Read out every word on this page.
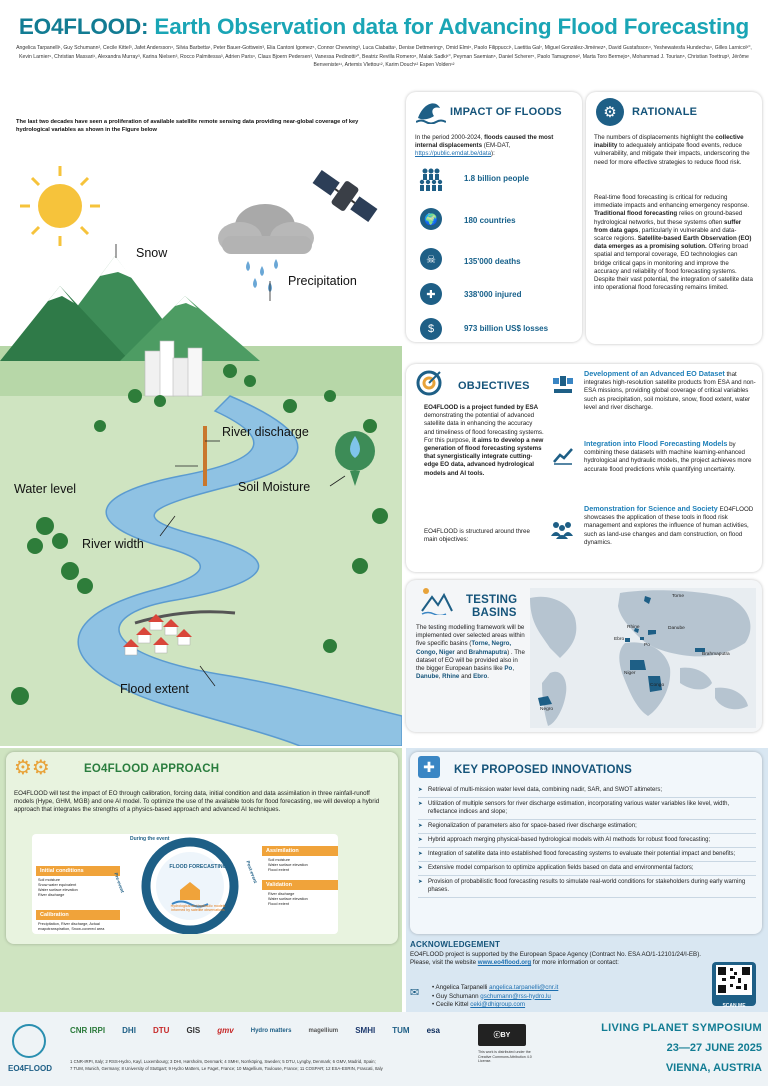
EO4FLOOD: Earth Observation data for Advancing Flood Forecasting
Angelica Tarpanelli¹, Guy Schumann², Cecile Kittel³, Jafet Andersson⁴, Silvia Barbetta¹, Peter Bauer-Gottwein³, Elia Cantoni Igomez⁵, Connor Chewning³, Luca Ciabatta¹, Denise Dettmering⁵, Omid Elmi⁶, Paolo Filippucci¹, Laetitia Gal⁷, Miguel González-Jiménez⁸, David Gustafsson⁴, Yeshewatesfa Hundecha⁴, Gilles Larnicol¹⁰, Kevin Larnier⁹, Christian Massari¹, Alexandra Murray³, Karina Nielsen³, Rocco Palmitessa³, Adrien Paris⁹, Claus Bjoern Pedersen³, Vanessa Pedinotti¹⁰, Beatriz Revilla Romero⁸, Malak Sadki¹⁰, Peyman Saemian⁶, Daniel Scherer⁵, Paolo Tamagnone², Marta Toro Bermejo⁸, Mohammad J. Tourian⁶, Christian Toettrup³, Jérôme Benveniste¹¹, Artemis Vlettou¹², Karim Douch¹² Espen Volden¹²
The last two decades have seen a proliferation of available satellite remote sensing data providing near-global coverage of key hydrological variables as shown in the Figure below
Snow
Precipitation
River discharge
Water level	Soil Moisture
River width
Flood extent
IMPACT OF FLOODS
In the period 2000-2024, floods caused the most internal displacements (EM-DAT, https://public.emdat.be/data):
1.8 billion people
🌍	180 countries
☠	135'000 deaths
✚	338'000 injured
$	973 billion US$ losses
⚙	RATIONALE
The numbers of displacements highlight the collective inability to adequately anticipate flood events, reduce vulnerability, and mitigate their impacts, underscoring the need for more effective strategies to reduce flood risk.
Real-time flood forecasting is critical for reducing immediate impacts and enhancing emergency response. Traditional flood forecasting relies on ground-based hydrological networks, but these systems often suffer from data gaps, particularly in vulnerable and data-scarce regions. Satellite-based Earth Observation (EO) data emerges as a promising solution. Offering broad spatial and temporal coverage, EO technologies can bridge critical gaps in monitoring and improve the accuracy and reliability of flood forecasting systems. Despite their vast potential, the integration of satellite data into operational flood forecasting remains limited.
OBJECTIVES
EO4FLOOD is a project funded by ESA demonstrating the potential of advanced satellite data in enhancing the accuracy and timeliness of flood forecasting systems. For this purpose, it aims to develop a new generation of flood forecasting systems that synergistically integrate cutting-edge EO data, advanced hydrological models and AI tools.
EO4FLOOD is structured around three main objectives:
Development of an Advanced EO Dataset that integrates high-resolution satellite products from ESA and non-ESA missions, providing global coverage of critical variables such as precipitation, soil moisture, snow, flood extent, water level and river discharge.
Integration into Flood Forecasting Models by combining these datasets with machine learning-enhanced hydrological and hydraulic models, the project achieves more accurate flood predictions while quantifying uncertainty.
Demonstration for Science and Society EO4FLOOD showcases the application of these tools in flood risk management and explores the influence of human activities, such as land-use changes and dam construction, on flood dynamics.
TESTING
BASINS
The testing modelling framework will be implemented over selected areas within five specific basins (Torne, Negro, Congo, Niger and Brahmaputra) . The dataset of EO will be provided also in the bigger European basins like Po, Danube, Rhine and Ebro.
Torne
Rhine	Danube
Ebro
Po
Brahmaputra
Niger
Congo
Negro
⚙⚙	EO4FLOOD APPROACH
EO4FLOOD will test the impact of EO through calibration, forcing data, initial condition and data assimilation in three rainfall-runoff models (Hype, GHM, MGB) and one AI model. To optimize the use of the available tools for flood forecasting, we will develop a hybrid approach that integrates the strengths of a physics-based approach and advanced AI techniques.
Initial conditions
Soil moisture
Snow water equivalent
Water surface elevation
River discharge
Calibration
Precipitation, River discharge, Actual evapotranspiration, Snow-covered area
During the event
FLOOD FORECASTING
Hydrological and hydraulic models informed by satellite observations
Pre-event	Post-event
Assimilation
Soil moisture
Water surface elevation
Flood extent
Validation
River discharge
Water surface elevation
Flood extent
✚	KEY PROPOSED INNOVATIONS
➤ Retrieval of multi-mission water level data, combining nadir, SAR, and SWOT altimeters;
➤ Utilization of multiple sensors for river discharge estimation, incorporating various water variables like level, width, reflectance indices and slope;
➤ Regionalization of parameters also for space-based river discharge estimation;
➤ Hybrid approach merging physical-based hydrological models with AI methods for robust flood forecasting;
➤ Integration of satellite data into established flood forecasting systems to evaluate their potential impact and benefits;
➤ Extensive model comparison to optimize application fields based on data and environmental factors;
➤ Provision of probabilistic flood forecasting results to simulate real-world conditions for stakeholders during early warning phases.
ACKNOWLEDGEMENT
EO4FLOOD project is supported by the European Space Agency (Contract No. ESA AO/1-12101/24/I-EB). Please, visit the website www.eo4flood.org for more information or contact:
✉ • Angelica Tarpanelli angelica.tarpanelli@cnr.it
• Guy Schumann gschumann@rss-hydro.lu
• Cecile Kittel ceki@dhigroup.com	SCAN ME
EO4FLOOD
CNR IRPI DHI DTU GIS gmv	Hydro matters	magellium SMHI TUM esa
1 CNR-IRPI, Italy; 2 RSS-Hydro, Kayl, Luxembourg; 3 DHI, Hørsholm, Denmark; 4 SMHI, Norrköping, Sweden; 5 DTU, Lyngby, Denmark; 6 GMV, Madrid, Spain;
7 TUM, Munich, Germany; 8 University of Stuttgart; 9 Hydro Matters, Le Faget, France; 10 Magellium, Toulouse, France; 11 COSPAR; 12 ESA-ESRIN, Frascati, Italy
ⓒ BY
This work is distributed under the Creative Commons Attribution 4.0 License.
LIVING PLANET SYMPOSIUM
23—27 JUNE 2025
VIENNA, AUSTRIA
